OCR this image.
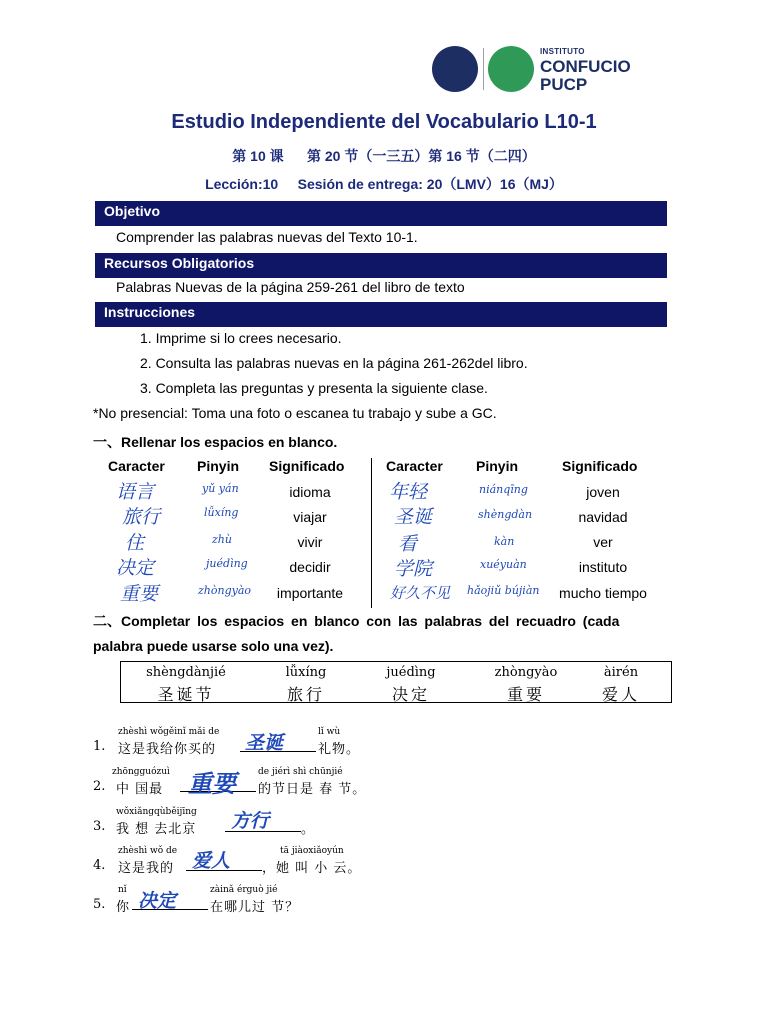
INSTITUTO
CONFUCIO
PUCP
Estudio Independiente del Vocabulario L10-1
第 10 课      第 20 节（一三五）第 16 节（二四）
Lección:10     Sesión de entrega: 20（LMV）16（MJ）
Objetivo
Comprender las palabras nuevas del Texto 10-1.
Recursos Obligatorios
Palabras Nuevas de la página 259-261 del libro de texto
Instrucciones
1. Imprime si lo crees necesario.
2. Consulta las palabras nuevas en la página 261-262del libro.
3. Completa las preguntas y presenta la siguiente clase.
*No presencial: Toma una foto o escanea tu trabajo y sube a GC.
一、Rellenar los espacios en blanco.
Caracter Pinyin Significado	Caracter Pinyin	Significado
语言	yǔ yán	idioma
旅行	lǚxíng	viajar
住	zhù	vivir
决定	juédìng	decidir
重要	zhòngyào	importante
年轻	niánqīng	joven
圣诞	shèngdàn	navidad
看	kàn	ver
学院	xuéyuàn	instituto
好久不见 hǎojiǔ bújiàn	mucho tiempo
二、Completar los espacios en blanco con las palabras del recuadro (cada
palabra puede usarse solo una vez).
shèngdànjié
圣诞节
lǚxíng
旅行
juédìng
决定
zhòngyào
重要
àirén
爱人
1.
zhèshì wǒgěinǐ mǎi de
这是我给你买的 圣诞	lǐ wù
礼物。
2.
zhōngguózuì
中 国最 重要 de jiérì shì chūnjié
的节日是 春 节。
3.
wǒxiǎngqùběijīng
我 想 去北京 方行 。
4.
zhèshì wǒ de
这是我的 爱人	tā jiàoxiǎoyún
，她 叫 小 云。
5.
nǐ
你 决定	zàinǎ érguò jié
在哪儿过 节？
